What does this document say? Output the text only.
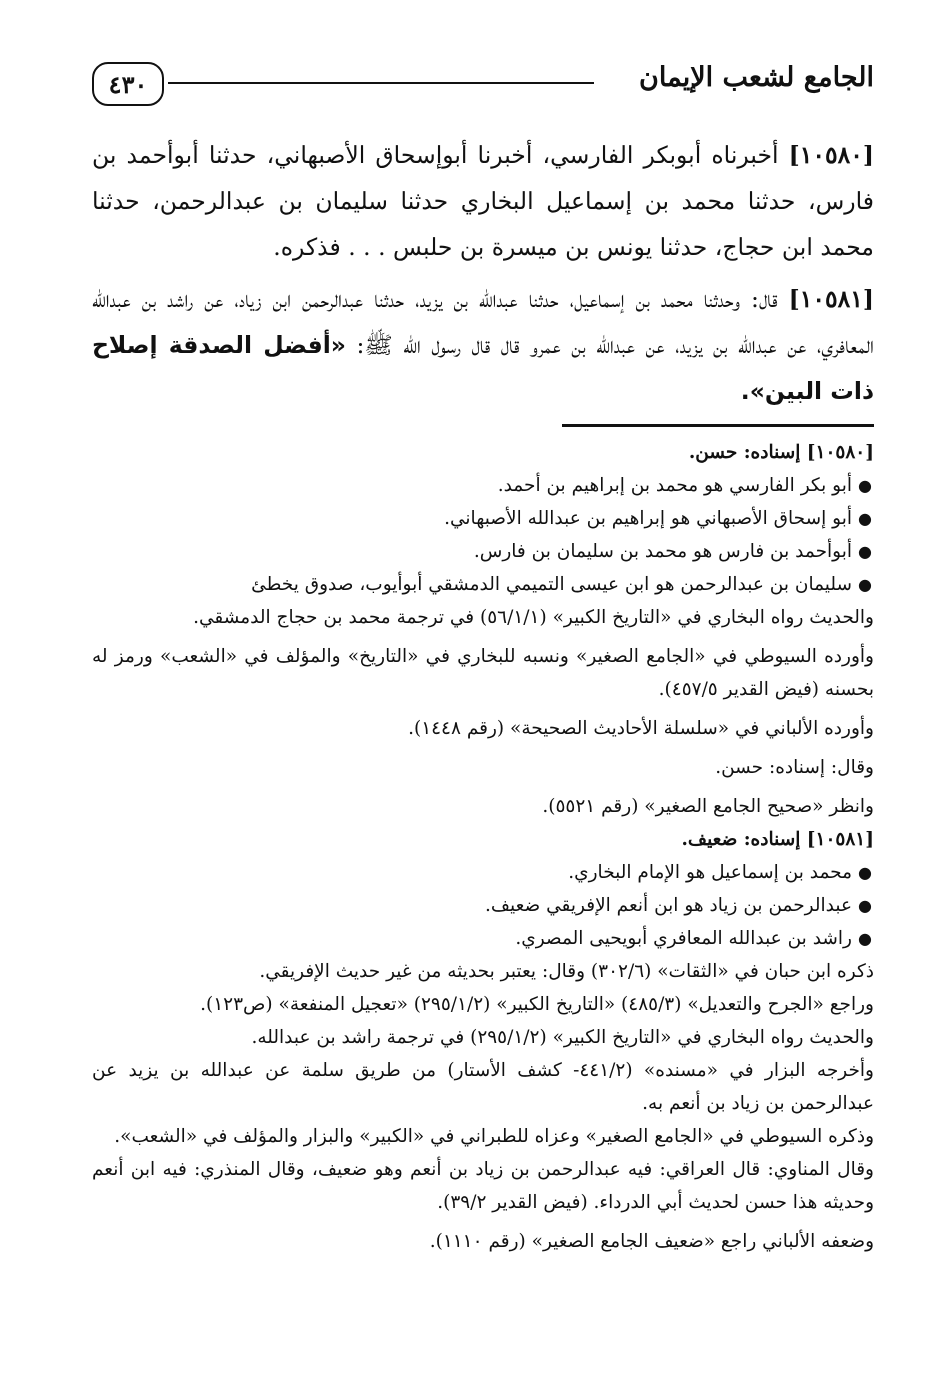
الجامع لشعب الإيمان
٤٣٠

[١٠٥٨٠] أخبرناه أبوبكر الفارسي، أخبرنا أبوإسحاق الأصبهاني، حدثنا أبوأحمد بن فارس، حدثنا محمد بن إسماعيل البخاري حدثنا سليمان بن عبدالرحمن، حدثنا محمد ابن حجاج، حدثنا يونس بن ميسرة بن حلبس . . . فذكره.

[١٠٥٨١] قال: وحدثنا محمد بن إسماعيل، حدثنا عبدالله بن يزيد، حدثنا عبدالرحمن ابن زياد، عن راشد بن عبدالله المعافري، عن عبدالله بن يزيد، عن عبدالله بن عمرو قال قال رسول الله ﷺ: «أفضل الصدقة إصلاح ذات البين».

[١٠٥٨٠] إسناده: حسن.

●
أبو بكر الفارسي هو محمد بن إبراهيم بن أحمد.
●
أبو إسحاق الأصبهاني هو إبراهيم بن عبدالله الأصبهاني.
●
أبوأحمد بن فارس هو محمد بن سليمان بن فارس.
●
سليمان بن عبدالرحمن هو ابن عيسى التميمي الدمشقي أبوأيوب، صدوق يخطئ

والحديث رواه البخاري في «التاريخ الكبير» (٥٦/١/١) في ترجمة محمد بن حجاج الدمشقي.

وأورده السيوطي في «الجامع الصغير» ونسبه للبخاري في «التاريخ» والمؤلف في «الشعب» ورمز له بحسنه (فيض القدير ٤٥٧/٥).

وأورده الألباني في «سلسلة الأحاديث الصحيحة» (رقم ١٤٤٨).

وقال: إسناده: حسن.

وانظر «صحيح الجامع الصغير» (رقم ٥٥٢١).

[١٠٥٨١] إسناده: ضعيف.

●
محمد بن إسماعيل هو الإمام البخاري.
●
عبدالرحمن بن زياد هو ابن أنعم الإفريقي ضعيف.
●
راشد بن عبدالله المعافري أبويحيى المصري.

ذكره ابن حبان في «الثقات» (٣٠٢/٦) وقال: يعتبر بحديثه من غير حديث الإفريقي.

وراجع «الجرح والتعديل» (٤٨٥/٣) «التاريخ الكبير» (٢٩٥/١/٢) «تعجيل المنفعة» (ص١٢٣).

والحديث رواه البخاري في «التاريخ الكبير» (٢٩٥/١/٢) في ترجمة راشد بن عبدالله.

وأخرجه البزار في «مسنده» (٤٤١/٢- كشف الأستار) من طريق سلمة عن عبدالله بن يزيد عن عبدالرحمن بن زياد بن أنعم به.

وذكره السيوطي في «الجامع الصغير» وعزاه للطبراني في «الكبير» والبزار والمؤلف في «الشعب».

وقال المناوي: قال العراقي: فيه عبدالرحمن بن زياد بن أنعم وهو ضعيف، وقال المنذري: فيه ابن أنعم وحديثه هذا حسن لحديث أبي الدرداء. (فيض القدير ٣٩/٢).

وضعفه الألباني راجع «ضعيف الجامع الصغير» (رقم ١١١٠).
